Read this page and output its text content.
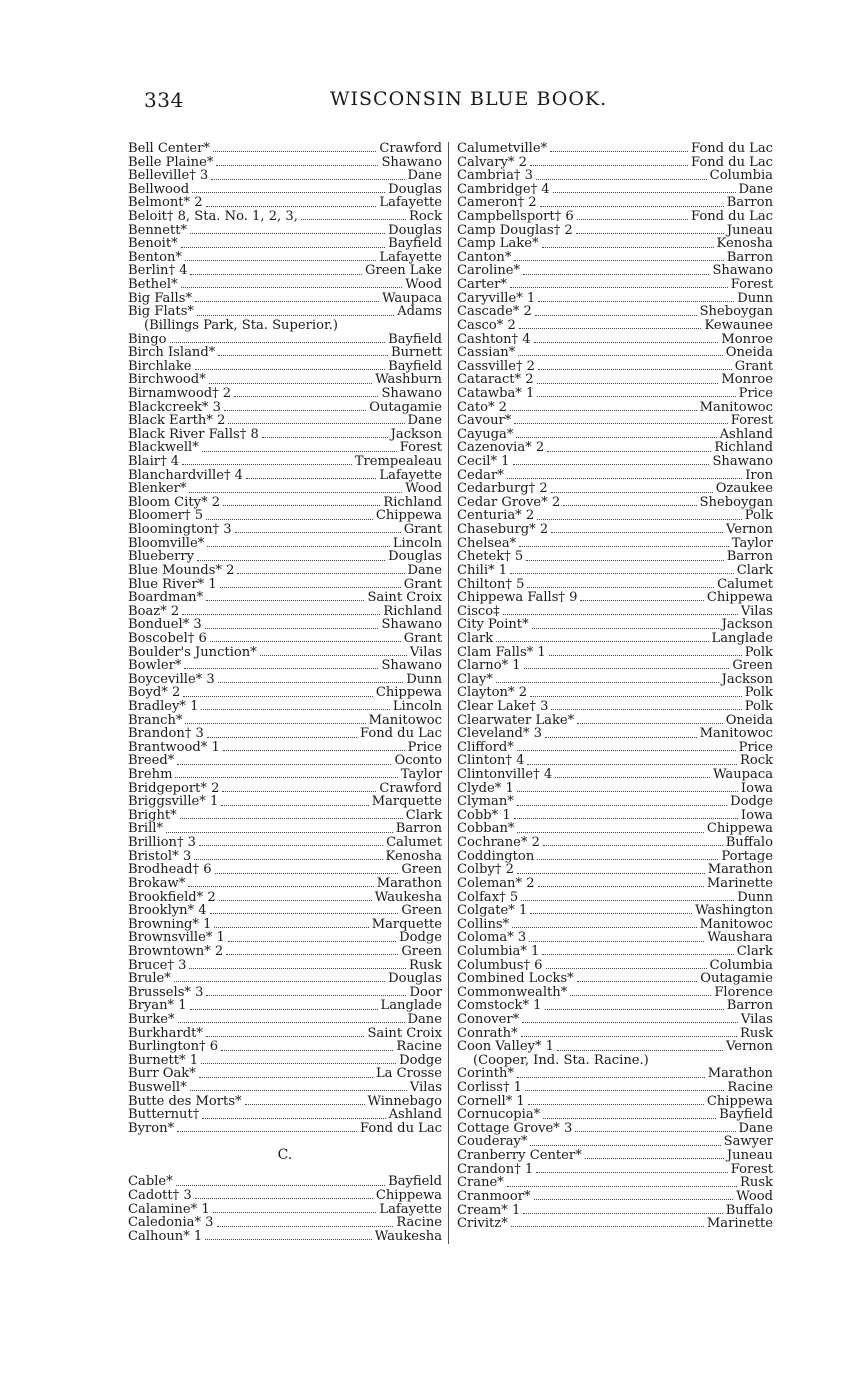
334	WISCONSIN BLUE BOOK.
Bell Center*	Crawford
Belle Plaine*	Shawano
Belleville† 3	Dane
Bellwood	Douglas
Belmont* 2	Lafayette
Beloit† 8, Sta. No. 1, 2, 3,	Rock
Bennett*	Douglas
Benoit*	Bayfield
Benton*	Lafayette
Berlin† 4	Green Lake
Bethel*	Wood
Big Falls*	Waupaca
Big Flats*	Adams
(Billings Park, Sta. Superior.)
Bingo	Bayfield
Birch Island*	Burnett
Birchlake	Bayfield
Birchwood*	Washburn
Birnamwood† 2	Shawano
Blackcreek* 3	Outagamie
Black Earth* 2	Dane
Black River Falls† 8	Jackson
Blackwell*	Forest
Blair† 4	Trempealeau
Blanchardville† 4	Lafayette
Blenker*	Wood
Bloom City* 2	Richland
Bloomer† 5	Chippewa
Bloomington† 3	Grant
Bloomville*	Lincoln
Blueberry	Douglas
Blue Mounds* 2	Dane
Blue River* 1	Grant
Boardman*	Saint Croix
Boaz* 2	Richland
Bonduel* 3	Shawano
Boscobel† 6	Grant
Boulder's Junction*	Vilas
Bowler*	Shawano
Boyceville* 3	Dunn
Boyd* 2	Chippewa
Bradley* 1	Lincoln
Branch*	Manitowoc
Brandon† 3	Fond du Lac
Brantwood* 1	Price
Breed*	Oconto
Brehm	Taylor
Bridgeport* 2	Crawford
Briggsville* 1	Marquette
Bright*	Clark
Brill*	Barron
Brillion† 3	Calumet
Bristol* 3	Kenosha
Brodhead† 6	Green
Brokaw*	Marathon
Brookfield* 2	Waukesha
Brooklyn* 4	Green
Browning* 1	Marquette
Brownsville* 1	Dodge
Browntown* 2	Green
Bruce† 3	Rusk
Brule*	Douglas
Brussels* 3	Door
Bryan* 1	Langlade
Burke*	Dane
Burkhardt*	Saint Croix
Burlington† 6	Racine
Burnett* 1	Dodge
Burr Oak*	La Crosse
Buswell*	Vilas
Butte des Morts*	Winnebago
Butternut†	Ashland
Byron*	Fond du Lac
C.
Cable*	Bayfield
Cadott† 3	Chippewa
Calamine* 1	Lafayette
Caledonia* 3	Racine
Calhoun* 1	Waukesha
Calumetville*	Fond du Lac
Calvary* 2	Fond du Lac
Cambria† 3	Columbia
Cambridge† 4	Dane
Cameron† 2	Barron
Campbellsport† 6	Fond du Lac
Camp Douglas† 2	Juneau
Camp Lake*	Kenosha
Canton*	Barron
Caroline*	Shawano
Carter*	Forest
Caryville* 1	Dunn
Cascade* 2	Sheboygan
Casco* 2	Kewaunee
Cashton† 4	Monroe
Cassian*	Oneida
Cassville† 2	Grant
Cataract* 2	Monroe
Catawba* 1	Price
Cato* 2	Manitowoc
Cavour*	Forest
Cayuga*	Ashland
Cazenovia* 2	Richland
Cecil* 1	Shawano
Cedar*	Iron
Cedarburg† 2	Ozaukee
Cedar Grove* 2	Sheboygan
Centuria* 2	Polk
Chaseburg* 2	Vernon
Chelsea*	Taylor
Chetek† 5	Barron
Chili* 1	Clark
Chilton† 5	Calumet
Chippewa Falls† 9	Chippewa
Cisco‡	Vilas
City Point*	Jackson
Clark	Langlade
Clam Falls* 1	Polk
Clarno* 1	Green
Clay*	Jackson
Clayton* 2	Polk
Clear Lake† 3	Polk
Clearwater Lake*	Oneida
Cleveland* 3	Manitowoc
Clifford*	Price
Clinton† 4	Rock
Clintonville† 4	Waupaca
Clyde* 1	Iowa
Clyman*	Dodge
Cobb* 1	Iowa
Cobban*	Chippewa
Cochrane* 2	Buffalo
Coddington	Portage
Colby† 2	Marathon
Coleman* 2	Marinette
Colfax† 5	Dunn
Colgate* 1	Washington
Collins*	Manitowoc
Coloma* 3	Waushara
Columbia* 1	Clark
Columbus† 6	Columbia
Combined Locks*	Outagamie
Commonwealth*	Florence
Comstock* 1	Barron
Conover*	Vilas
Conrath*	Rusk
Coon Valley* 1	Vernon
(Cooper, Ind. Sta. Racine.)
Corinth*	Marathon
Corliss† 1	Racine
Cornell* 1	Chippewa
Cornucopia*	Bayfield
Cottage Grove* 3	Dane
Couderay*	Sawyer
Cranberry Center*	Juneau
Crandon† 1	Forest
Crane*	Rusk
Cranmoor*	Wood
Cream* 1	Buffalo
Crivitz*	Marinette
